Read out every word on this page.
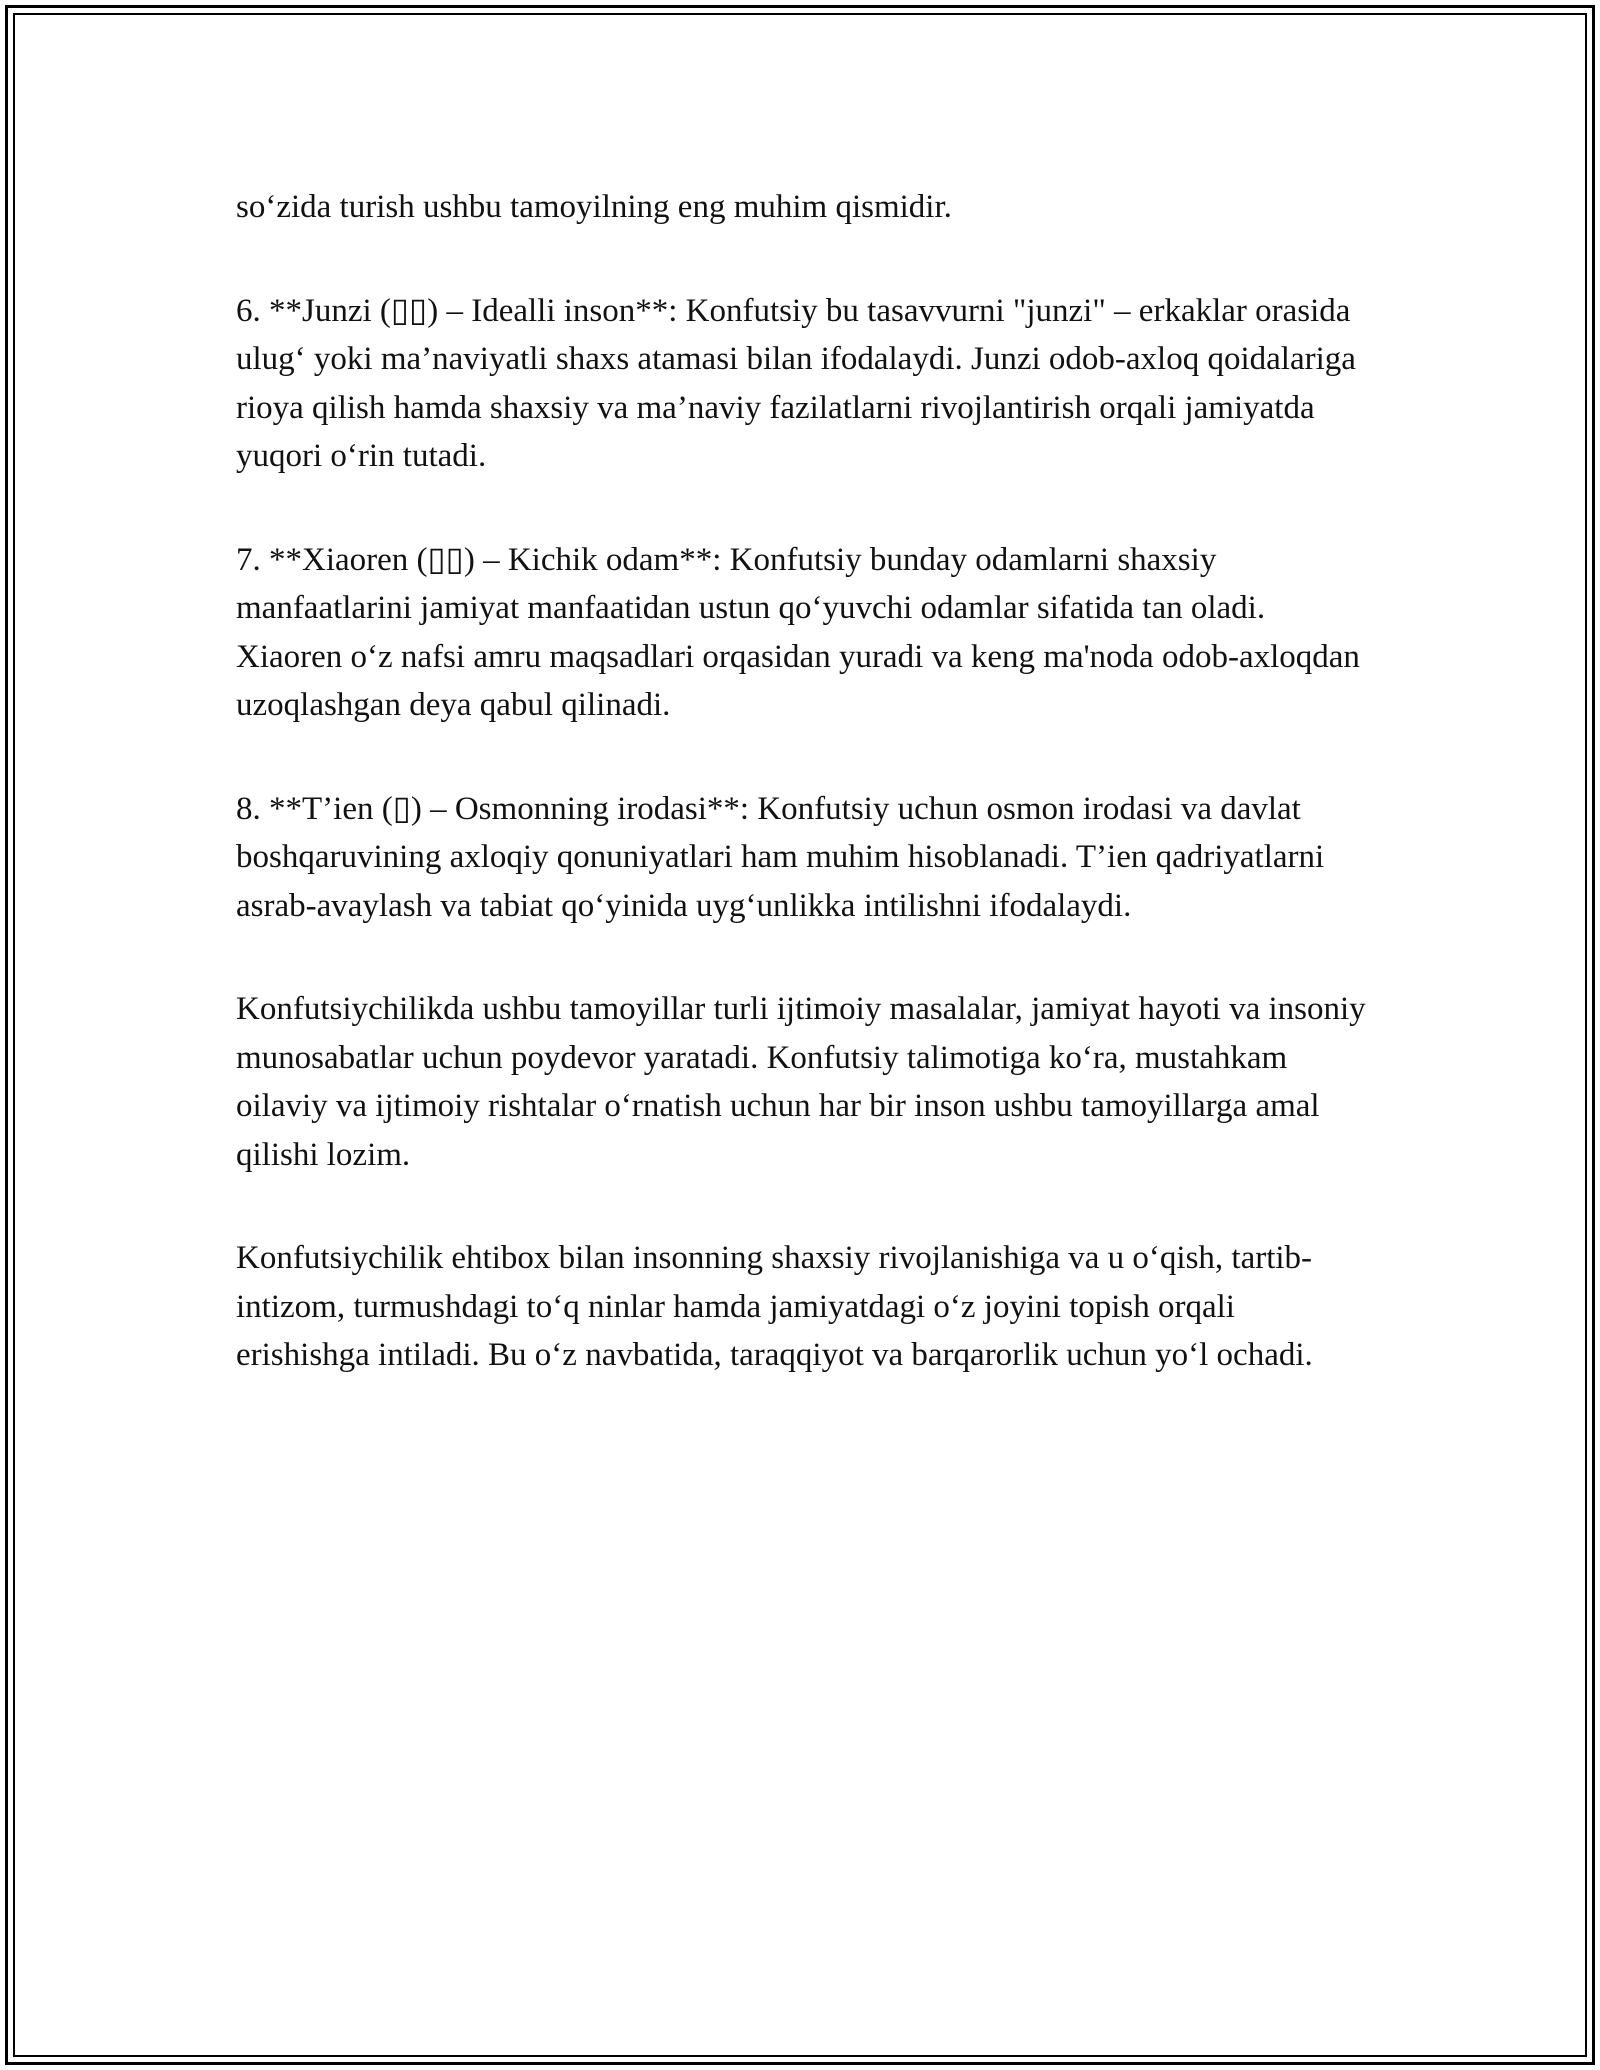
so‘zida turish ushbu tamoyilning eng muhim qismidir.

6. **Junzi (▯▯) – Idealli inson**: Konfutsiy bu tasavvurni "junzi" – erkaklar orasida ulug‘ yoki ma’naviyatli shaxs atamasi bilan ifodalaydi. Junzi odob-axloq qoidalariga rioya qilish hamda shaxsiy va ma’naviy fazilatlarni rivojlantirish orqali jamiyatda yuqori o‘rin tutadi.

7. **Xiaoren (▯▯) – Kichik odam**: Konfutsiy bunday odamlarni shaxsiy manfaatlarini jamiyat manfaatidan ustun qo‘yuvchi odamlar sifatida tan oladi. Xiaoren o‘z nafsi amru maqsadlari orqasidan yuradi va keng ma'noda odob-axloqdan uzoqlashgan deya qabul qilinadi.

8. **T’ien (▯) – Osmonning irodasi**: Konfutsiy uchun osmon irodasi va davlat boshqaruvining axloqiy qonuniyatlari ham muhim hisoblanadi. T’ien qadriyatlarni asrab-avaylash va tabiat qo‘yinida uyg‘unlikka intilishni ifodalaydi.

Konfutsiychilikda ushbu tamoyillar turli ijtimoiy masalalar, jamiyat hayoti va insoniy munosabatlar uchun poydevor yaratadi. Konfutsiy talimotiga ko‘ra, mustahkam oilaviy va ijtimoiy rishtalar o‘rnatish uchun har bir inson ushbu tamoyillarga amal qilishi lozim.

Konfutsiychilik ehtibox bilan insonning shaxsiy rivojlanishiga va u o‘qish, tartib-intizom, turmushdagi to‘q ninlar hamda jamiyatdagi o‘z joyini topish orqali erishishga intiladi. Bu o‘z navbatida, taraqqiyot va barqarorlik uchun yo‘l ochadi.
